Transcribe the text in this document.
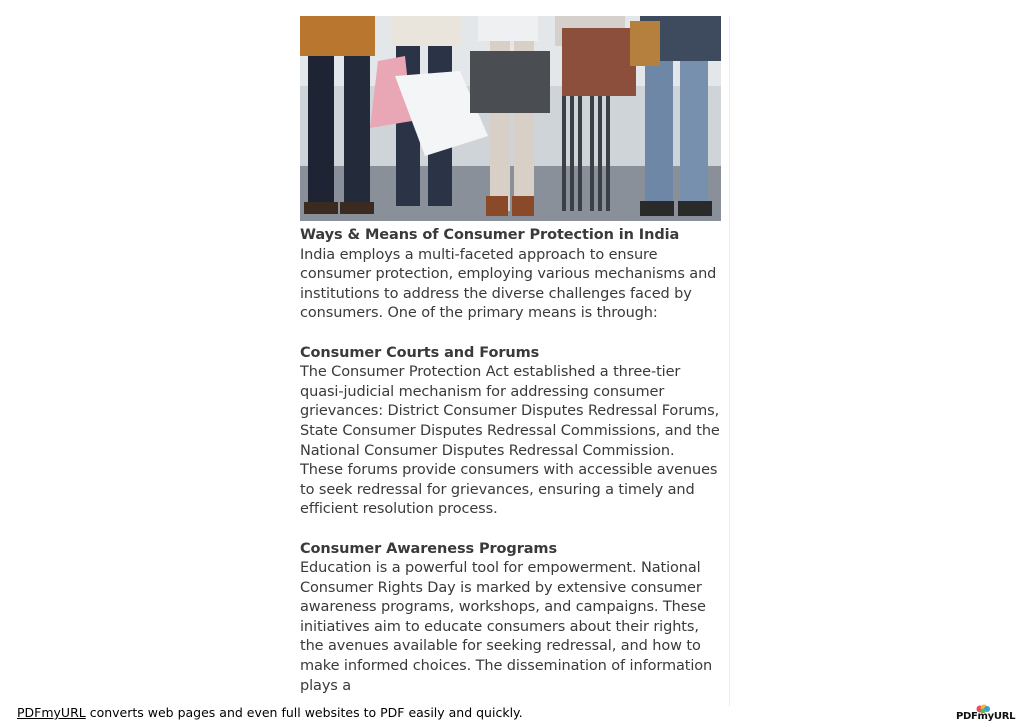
Ways & Means of Consumer Protection in India

India employs a multi-faceted approach to ensure consumer protection, employing various mechanisms and institutions to address the diverse challenges faced by consumers. One of the primary means is through:

Consumer Courts and Forums

The Consumer Protection Act established a three-tier quasi-judicial mechanism for addressing consumer grievances: District Consumer Disputes Redressal Forums, State Consumer Disputes Redressal Commissions, and the National Consumer Disputes Redressal Commission. These forums provide consumers with accessible avenues to seek redressal for grievances, ensuring a timely and efficient resolution process.

Consumer Awareness Programs

Education is a powerful tool for empowerment. National Consumer Rights Day is marked by extensive consumer awareness programs, workshops, and campaigns. These initiatives aim to educate consumers about their rights, the avenues available for seeking redressal, and how to make informed choices. The dissemination of information plays a

PDFmyURL converts web pages and even full websites to PDF easily and quickly.	PDFmyURL
